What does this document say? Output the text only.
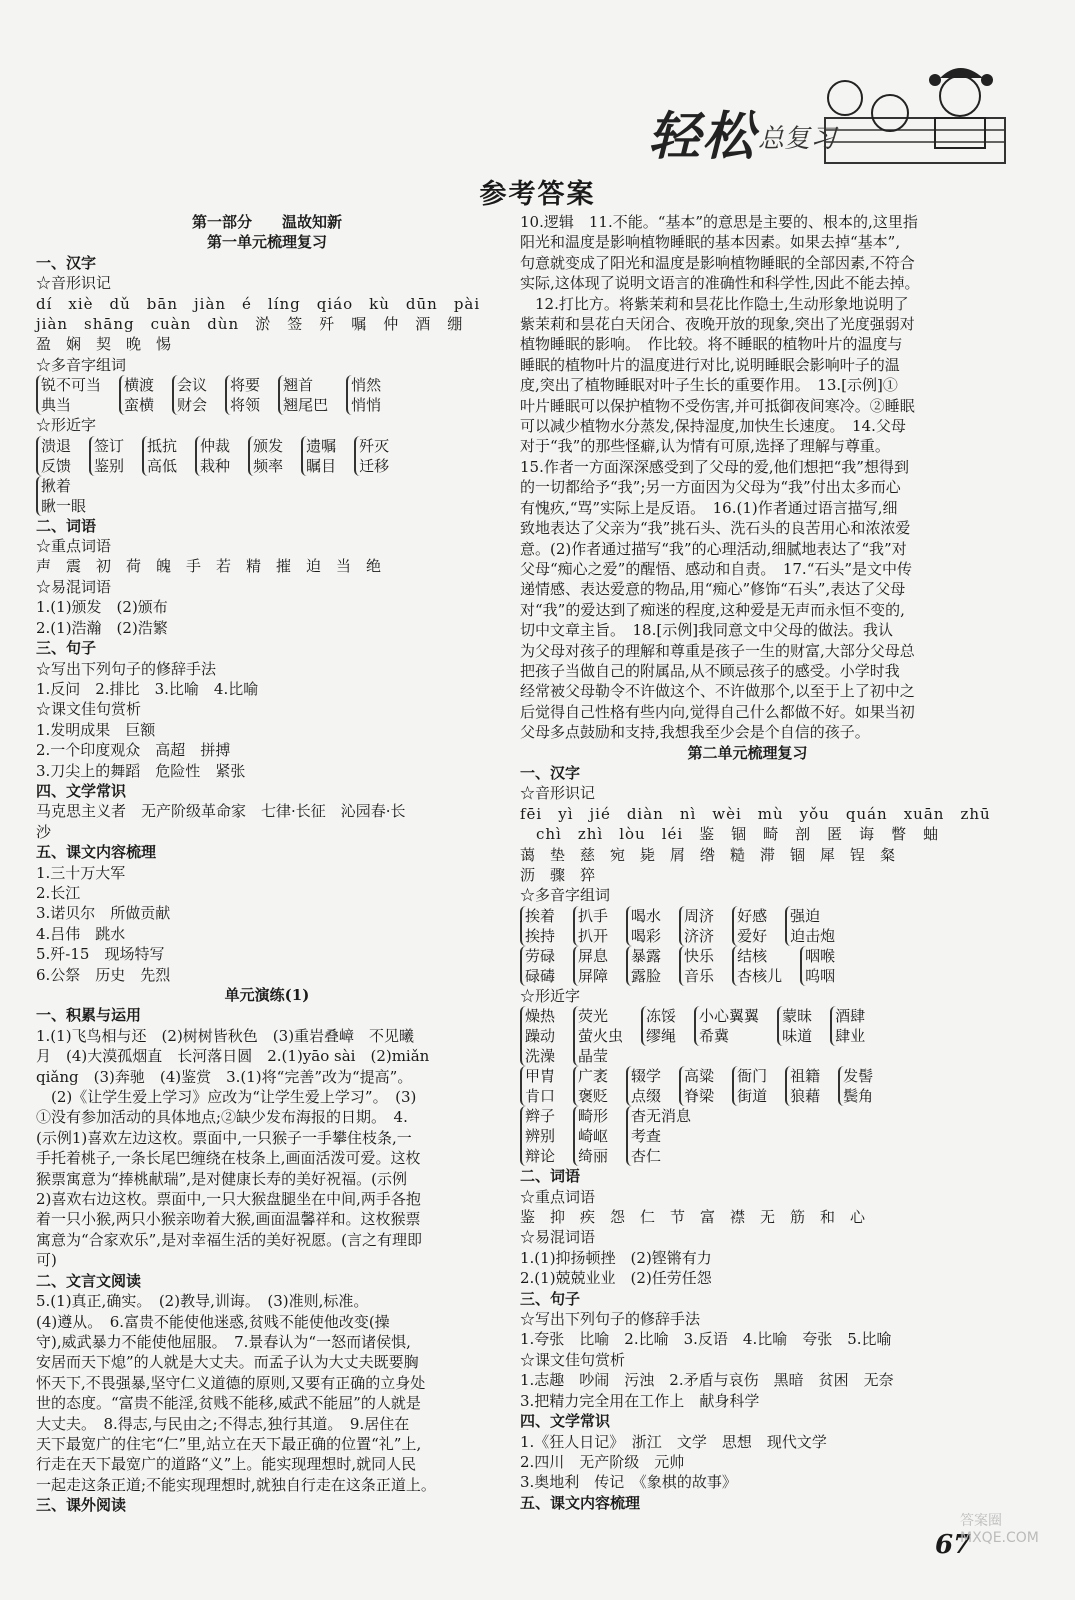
轻松 总复习
参考答案
第一部分　　温故知新
第一单元梳理复习
一、汉字
☆音形识记
dí　xiè　dǔ　bān　jiàn　é　líng　qiáo　kù　dūn　pài
jiàn　shāng　cuàn　dùn　淤　签　歼　嘱　仲　酒　绷
盈　娴　契　晚　惕
☆多音字组词
锐不可当
典当
横渡
蛮横
会议
财会
将要
将领
翘首
翘尾巴
悄然
悄悄
☆形近字
溃退
反馈
签订
鉴别
抵抗
高低
仲裁
栽种
颁发
频率
遗嘱
瞩目
歼灭
迁移
揪着
瞅一眼
二、词语
☆重点词语
声　震　初　荷　魄　手　若　精　摧　迫　当　绝
☆易混词语
1.(1)颁发　(2)颁布
2.(1)浩瀚　(2)浩繁
三、句子
☆写出下列句子的修辞手法
1.反问　2.排比　3.比喻　4.比喻
☆课文佳句赏析
1.发明成果　巨额
2.一个印度观众　高超　拼搏
3.刀尖上的舞蹈　危险性　紧张
四、文学常识
马克思主义者　无产阶级革命家　七律·长征　沁园春·长
沙
五、课文内容梳理
1.三十万大军
2.长江
3.诺贝尔　所做贡献
4.吕伟　跳水
5.歼-15　现场特写
6.公祭　历史　先烈
单元演练(1)
一、积累与运用
1.(1)飞鸟相与还　(2)树树皆秋色　(3)重岩叠嶂　不见曦
月　(4)大漠孤烟直　长河落日圆　2.(1)yāo sài　(2)miǎn
qiǎng　(3)奔驰　(4)鉴赏　3.(1)将“完善”改为“提高”。
　(2)《让学生爱上学习》应改为“让学生爱上学习”。　(3)
①没有参加活动的具体地点;②缺少发布海报的日期。　4.
(示例1)喜欢左边这枚。票面中,一只猴子一手攀住枝条,一
手托着桃子,一条长尾巴缠绕在枝条上,画面活泼可爱。这枚
猴票寓意为“捧桃献瑞”,是对健康长寿的美好祝福。(示例
2)喜欢右边这枚。票面中,一只大猴盘腿坐在中间,两手各抱
着一只小猴,两只小猴亲吻着大猴,画面温馨祥和。这枚猴票
寓意为“合家欢乐”,是对幸福生活的美好祝愿。(言之有理即
可)
二、文言文阅读
5.(1)真正,确实。　(2)教导,训诲。　(3)准则,标准。
(4)遵从。　6.富贵不能使他迷惑,贫贱不能使他改变(操
守),威武暴力不能使他屈服。　7.景春认为“一怒而诸侯惧,
安居而天下熄”的人就是大丈夫。而孟子认为大丈夫既要胸
怀天下,不畏强暴,坚守仁义道德的原则,又要有正确的立身处
世的态度。“富贵不能淫,贫贱不能移,威武不能屈”的人就是
大丈夫。　8.得志,与民由之;不得志,独行其道。　9.居住在
天下最宽广的住宅“仁”里,站立在天下最正确的位置“礼”上,
行走在天下最宽广的道路“义”上。能实现理想时,就同人民
一起走这条正道;不能实现理想时,就独自行走在这条正道上。
三、课外阅读
10.逻辑　11.不能。“基本”的意思是主要的、根本的,这里指
阳光和温度是影响植物睡眠的基本因素。如果去掉“基本”,
句意就变成了阳光和温度是影响植物睡眠的全部因素,不符合
实际,这体现了说明文语言的准确性和科学性,因此不能去掉。
　12.打比方。将紫茉莉和昙花比作隐士,生动形象地说明了
紫茉莉和昙花白天闭合、夜晚开放的现象,突出了光度强弱对
植物睡眠的影响。　作比较。将不睡眠的植物叶片的温度与
睡眠的植物叶片的温度进行对比,说明睡眠会影响叶子的温
度,突出了植物睡眠对叶子生长的重要作用。　13.[示例]①
叶片睡眠可以保护植物不受伤害,并可抵御夜间寒冷。②睡眠
可以减少植物水分蒸发,保持湿度,加快生长速度。　14.父母
对于“我”的那些怪癖,认为情有可原,选择了理解与尊重。
15.作者一方面深深感受到了父母的爱,他们想把“我”想得到
的一切都给予“我”;另一方面因为父母为“我”付出太多而心
有愧疚,“骂”实际上是反语。　16.(1)作者通过语言描写,细
致地表达了父亲为“我”挑石头、洗石头的良苦用心和浓浓爱
意。(2)作者通过描写“我”的心理活动,细腻地表达了“我”对
父母“痴心之爱”的醒悟、感动和自责。　17.“石头”是文中传
递情感、表达爱意的物品,用“痴心”修饰“石头”,表达了父母
对“我”的爱达到了痴迷的程度,这种爱是无声而永恒不变的,
切中文章主旨。　18.[示例]我同意文中父母的做法。我认
为父母对孩子的理解和尊重是孩子一生的财富,大部分父母总
把孩子当做自己的附属品,从不顾忌孩子的感受。小学时我
经常被父母勒令不许做这个、不许做那个,以至于上了初中之
后觉得自己性格有些内向,觉得自己什么都做不好。如果当初
父母多点鼓励和支持,我想我至少会是个自信的孩子。
第二单元梳理复习
一、汉字
☆音形识记
fēi　yì　jié　diàn　nì　wèi　mù　yǒu　quán　xuān　zhū
　chì　zhì　lòu　léi　鉴　锢　畸　剖　匿　诲　瞥　蚰
蔼　垫　慈　宛　毙　屑　绺　糙　滞　锢　犀　锃　粲
沥　骤　猝
☆多音字组词
挨着
挨持
扒手
扒开
喝水
喝彩
周济
济济
好感
爱好
强迫
迫击炮
劳碌
碌碡
屏息
屏障
暴露
露脸
快乐
音乐
结核
杏核儿
咽喉
呜咽
☆形近字
燥热
躁动
洗澡
荧光
萤火虫
晶莹
冻馁
缪绳
小心翼翼
希冀
蒙昧
味道
酒肆
肆业
甲胄
肯口
广袤
褒贬
辍学
点缀
高粱
脊梁
衙门
街道
祖籍
狼藉
发髻
鬓角
辫子
辨别
辩论
畸形
崎岖
绮丽
杳无消息
考查
杏仁
二、词语
☆重点词语
鉴　抑　疾　怨　仁　节　富　襟　无　筋　和　心
☆易混词语
1.(1)抑扬顿挫　(2)铿锵有力
2.(1)兢兢业业　(2)任劳任怨
三、句子
☆写出下列句子的修辞手法
1.夸张　比喻　2.比喻　3.反语　4.比喻　夸张　5.比喻
☆课文佳句赏析
1.志趣　吵闹　污浊　2.矛盾与哀伤　黑暗　贫困　无奈
3.把精力完全用在工作上　献身科学
四、文学常识
1.《狂人日记》　浙江　文学　思想　现代文学
2.四川　无产阶级　元帅
3.奥地利　传记　《象棋的故事》
五、课文内容梳理
67
答案圈 MXQE.COM
